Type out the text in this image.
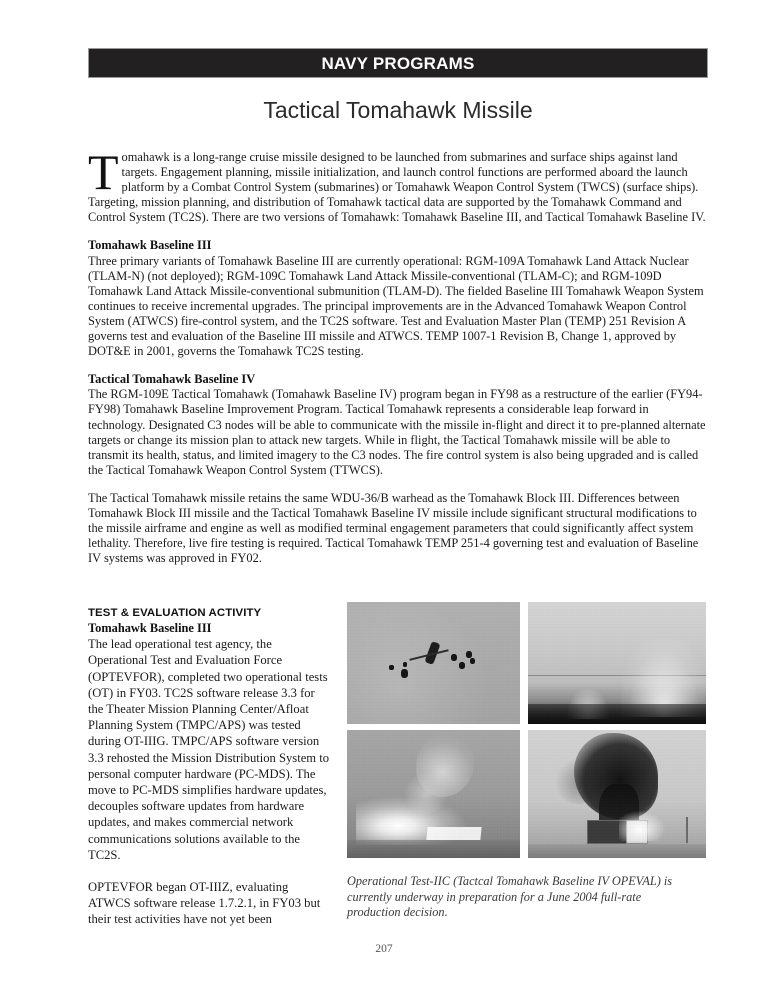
NAVY PROGRAMS
Tactical Tomahawk Missile

Tomahawk is a long-range cruise missile designed to be launched from submarines and surface ships against land targets. Engagement planning, missile initialization, and launch control functions are performed aboard the launch platform by a Combat Control System (submarines) or Tomahawk Weapon Control System (TWCS) (surface ships). Targeting, mission planning, and distribution of Tomahawk tactical data are supported by the Tomahawk Command and Control System (TC2S). There are two versions of Tomahawk: Tomahawk Baseline III, and Tactical Tomahawk Baseline IV.

Tomahawk Baseline III

Three primary variants of Tomahawk Baseline III are currently operational: RGM-109A Tomahawk Land Attack Nuclear (TLAM-N) (not deployed); RGM-109C Tomahawk Land Attack Missile-conventional (TLAM-C); and RGM-109D Tomahawk Land Attack Missile-conventional submunition (TLAM-D). The fielded Baseline III Tomahawk Weapon System continues to receive incremental upgrades. The principal improvements are in the Advanced Tomahawk Weapon Control System (ATWCS) fire-control system, and the TC2S software. Test and Evaluation Master Plan (TEMP) 251 Revision A governs test and evaluation of the Baseline III missile and ATWCS. TEMP 1007-1 Revision B, Change 1, approved by DOT&E in 2001, governs the Tomahawk TC2S testing.

Tactical Tomahawk Baseline IV

The RGM-109E Tactical Tomahawk (Tomahawk Baseline IV) program began in FY98 as a restructure of the earlier (FY94-FY98) Tomahawk Baseline Improvement Program. Tactical Tomahawk represents a considerable leap forward in technology. Designated C3 nodes will be able to communicate with the missile in-flight and direct it to pre-planned alternate targets or change its mission plan to attack new targets. While in flight, the Tactical Tomahawk missile will be able to transmit its health, status, and limited imagery to the C3 nodes. The fire control system is also being upgraded and is called the Tactical Tomahawk Weapon Control System (TTWCS).

The Tactical Tomahawk missile retains the same WDU-36/B warhead as the Tomahawk Block III. Differences between Tomahawk Block III missile and the Tactical Tomahawk Baseline IV missile include significant structural modifications to the missile airframe and engine as well as modified terminal engagement parameters that could significantly affect system lethality. Therefore, live fire testing is required. Tactical Tomahawk TEMP 251-4 governing test and evaluation of Baseline IV systems was approved in FY02.

TEST & EVALUATION ACTIVITY
Tomahawk Baseline III

The lead operational test agency, the Operational Test and Evaluation Force (OPTEVFOR), completed two operational tests (OT) in FY03. TC2S software release 3.3 for the Theater Mission Planning Center/Afloat Planning System (TMPC/APS) was tested during OT-IIIG. TMPC/APS software version 3.3 rehosted the Mission Distribution System to personal computer hardware (PC-MDS). The move to PC-MDS simplifies hardware updates, decouples software updates from hardware updates, and makes commercial network communications solutions available to the TC2S.

OPTEVFOR began OT-IIIZ, evaluating ATWCS software release 1.7.2.1, in FY03 but their test activities have not yet been

Operational Test-IIC (Tactcal Tomahawk Baseline IV OPEVAL) is currently underway in preparation for a June 2004 full-rate production decision.
207
